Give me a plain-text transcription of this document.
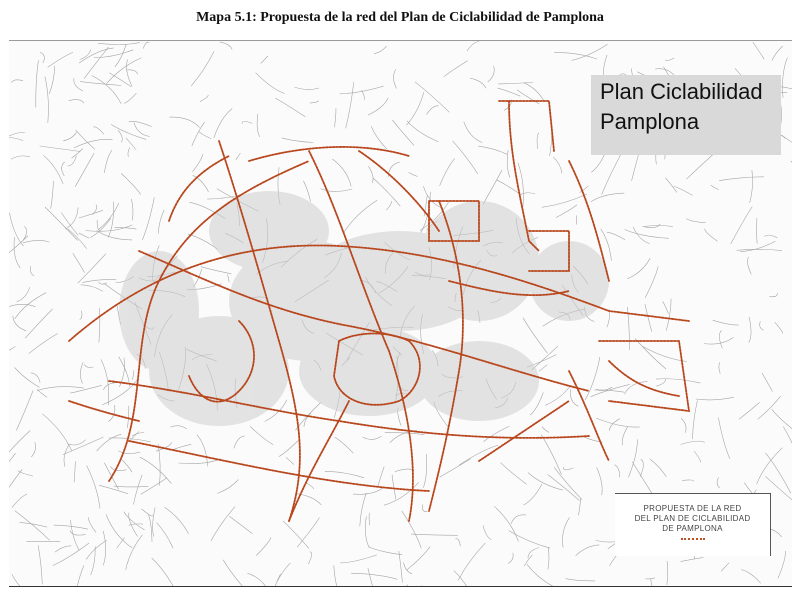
Mapa 5.1: Propuesta de la red del Plan de Ciclabilidad de Pamplona
Plan Ciclabilidad
Pamplona
PROPUESTA DE LA RED
DEL PLAN DE CICLABILIDAD
DE PAMPLONA
